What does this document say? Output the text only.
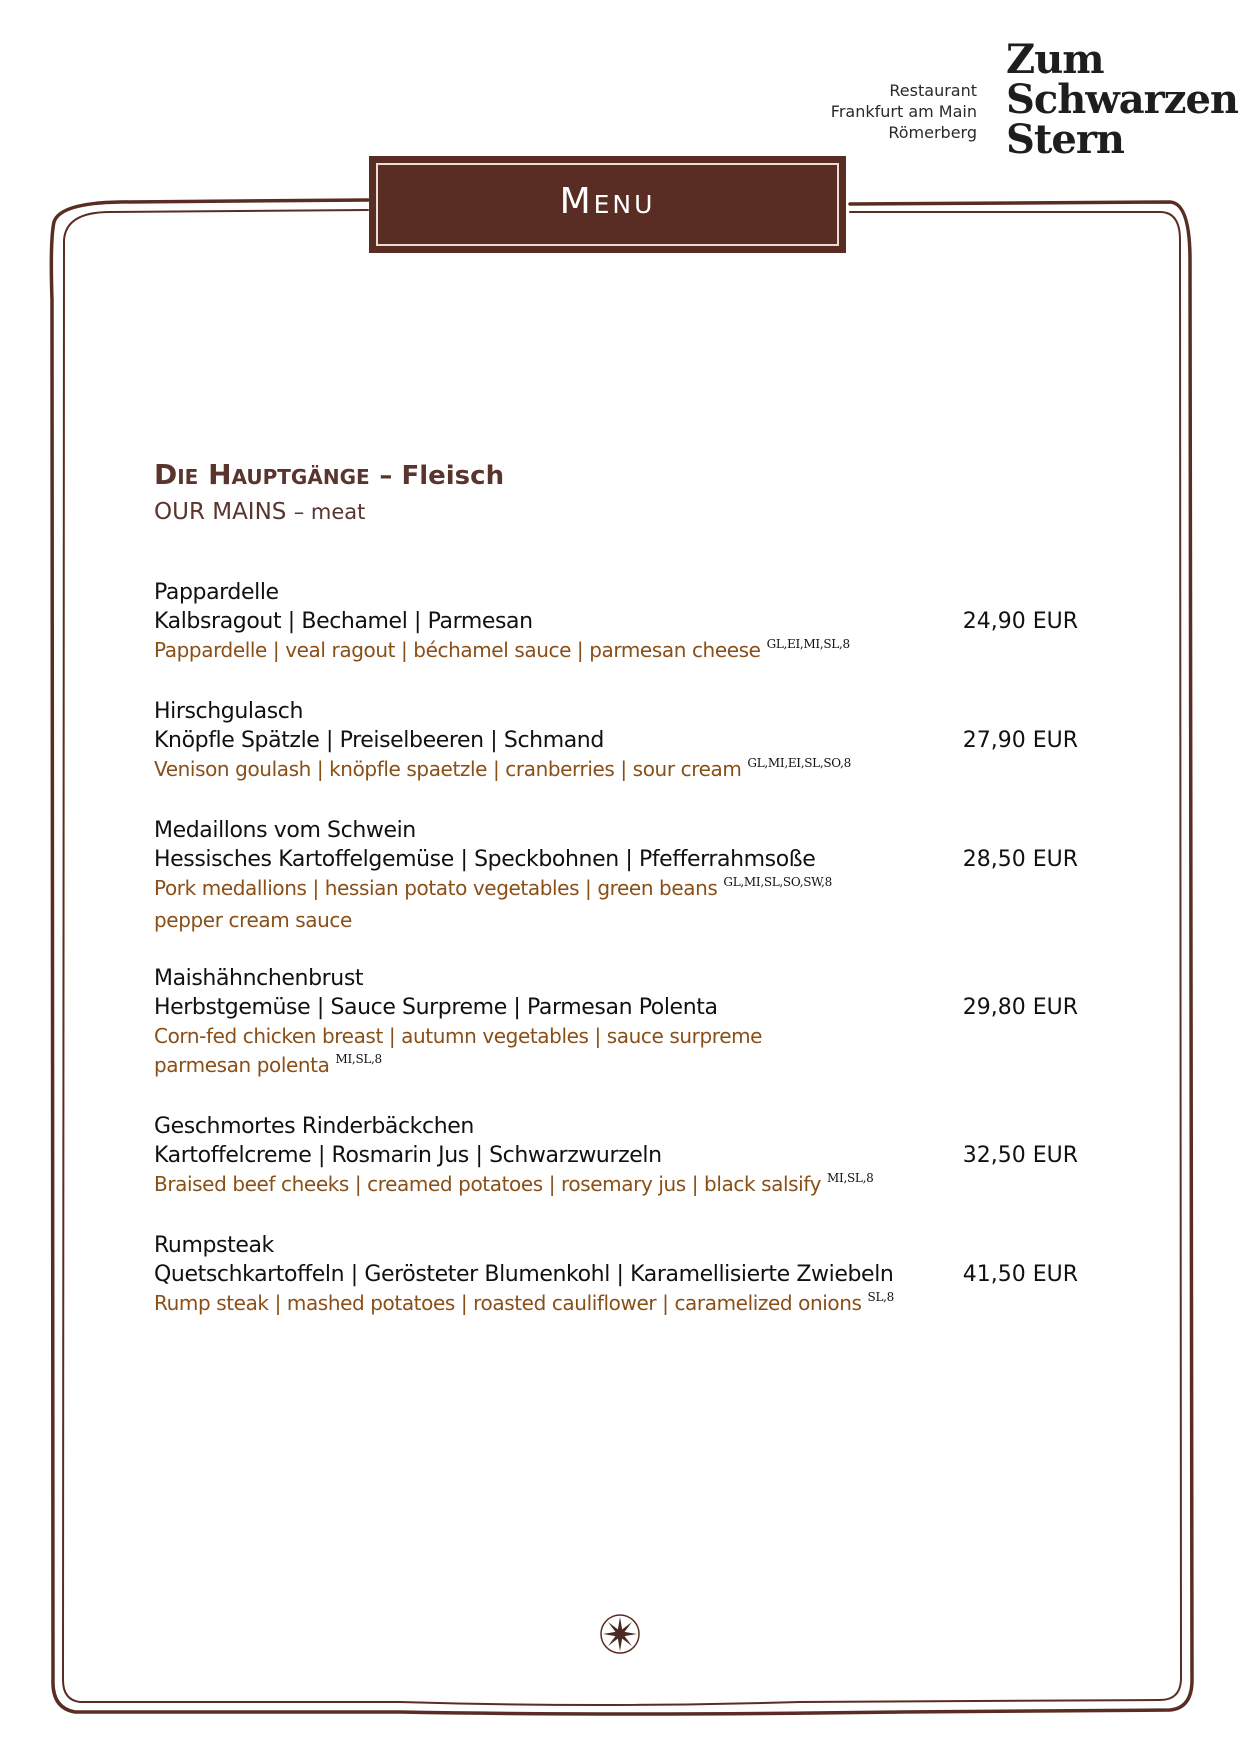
Restaurant
Frankfurt am Main
Römerberg
Zum
Schwarzen
Stern
Menu
Die Hauptgänge – Fleisch
OUR MAINS – meat
Pappardelle
Kalbsragout | Bechamel | Parmesan
Pappardelle | veal ragout | béchamel sauce | parmesan cheese $^{GL,EI,MI,SL,8}$
24,90 EUR
Hirschgulasch
Knöpfle Spätzle | Preiselbeeren | Schmand
Venison goulash | knöpfle spaetzle | cranberries | sour cream $^{GL,MI,EI,SL,SO,8}$
27,90 EUR
Medaillons vom Schwein
Hessisches Kartoffelgemüse | Speckbohnen | Pfefferrahmsoße
Pork medallions | hessian potato vegetables | green beans $^{GL,MI,SL,SO,SW,8}$
pepper cream sauce
28,50 EUR
Maishähnchenbrust
Herbstgemüse | Sauce Surpreme | Parmesan Polenta
Corn-fed chicken breast | autumn vegetables | sauce surpreme
parmesan polenta $^{MI,SL,8}$
29,80 EUR
Geschmortes Rinderbäckchen
Kartoffelcreme | Rosmarin Jus | Schwarzwurzeln
Braised beef cheeks | creamed potatoes | rosemary jus | black salsify $^{MI,SL,8}$
32,50 EUR
Rumpsteak
Quetschkartoffeln | Gerösteter Blumenkohl | Karamellisierte Zwiebeln
Rump steak | mashed potatoes | roasted cauliflower | caramelized onions $^{SL,8}$
41,50 EUR
